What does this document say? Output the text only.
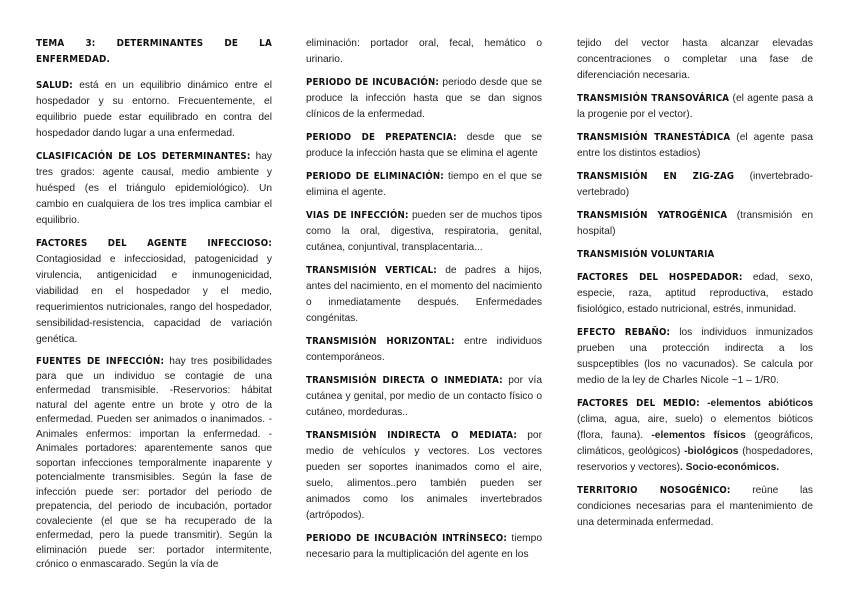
TEMA 3: DETERMINANTES DE LA ENFERMEDAD.

SALUD: está en un equilibrio dinámico entre el hospedador y su entorno. Frecuentemente, el equilibrio puede estar equilibrado en contra del hospedador dando lugar a una enfermedad.

CLASIFICACIÓN DE LOS DETERMINANTES: hay tres grados: agente causal, medio ambiente y huésped (es el triángulo epidemiológico). Un cambio en cualquiera de los tres implica cambiar el equilibrio.

FACTORES DEL AGENTE INFECCIOSO: Contagiosidad e infecciosidad, patogenicidad y virulencia, antigenicidad e inmunogenicidad, viabilidad en el hospedador y el medio, requerimientos nutricionales, rango del hospedador, sensibilidad-resistencia, capacidad de variación genética.

FUENTES DE INFECCIÓN: hay tres posibilidades para que un individuo se contagie de una enfermedad transmisible. -Reservorios: hábitat natural del agente entre un brote y otro de la enfermedad. Pueden ser animados o inanimados. -Animales enfermos: importan la enfermedad. -Animales portadores: aparentemente sanos que soportan infecciones temporalmente inaparente y potencialmente transmisibles. Según la fase de infección puede ser: portador del periodo de prepatencia, del periodo de incubación, portador covaleciente (el que se ha recuperado de la enfermedad, pero la puede transmitir). Según la eliminación puede ser: portador intermitente, crónico o enmascarado. Según la vía de

eliminación: portador oral, fecal, hemático o urinario.

PERIODO DE INCUBACIÓN: periodo desde que se produce la infección hasta que se dan signos clínicos de la enfermedad.

PERIODO DE PREPATENCIA: desde que se produce la infección hasta que se elimina el agente

PERIODO DE ELIMINACIÓN: tiempo en el que se elimina el agente.

VIAS DE INFECCIÓN: pueden ser de muchos tipos como la oral, digestiva, respiratoria, genital, cutánea, conjuntival, transplacentaria...

TRANSMISIÓN VERTICAL: de padres a hijos, antes del nacimiento, en el momento del nacimiento o inmediatamente después. Enfermedades congénitas.

TRANSMISIÓN HORIZONTAL: entre individuos contemporáneos.

TRANSMISIÓN DIRECTA O INMEDIATA: por vía cutánea y genital, por medio de un contacto físico o cutáneo, mordeduras..

TRANSMISIÓN INDIRECTA O MEDIATA: por medio de vehículos y vectores. Los vectores pueden ser soportes inanimados como el aire, suelo, alimentos..pero también pueden ser animados como los animales invertebrados (artrópodos).

PERIODO DE INCUBACIÓN INTRÍNSECO: tiempo necesario para la multiplicación del agente en los

tejido del vector hasta alcanzar elevadas concentraciones o completar una fase de diferenciación necesaria.

TRANSMISIÓN TRANSOVÁRICA (el agente pasa a la progenie por el vector).

TRANSMISIÓN TRANESTÁDICA (el agente pasa entre los distintos estadios)

TRANSMISIÓN EN ZIG-ZAG (invertebrado-vertebrado)

TRANSMISIÓN YATROGÉNICA (transmisión en hospital)

TRANSMISIÓN VOLUNTARIA

FACTORES DEL HOSPEDADOR: edad, sexo, especie, raza, aptitud reproductiva, estado fisiológico, estado nutricional, estrés, inmunidad.

EFECTO REBAÑO: los individuos inmunizados prueben una protección indirecta a los suspceptibles (los no vacunados). Se calcula por medio de la ley de Charles Nicole ~1 – 1/R0.

FACTORES DEL MEDIO: -elementos abióticos (clima, agua, aire, suelo) o elementos bióticos (flora, fauna). -elementos físicos (geográficos, climáticos, geológicos) -biológicos (hospedadores, reservorios y vectores). Socio-económicos.

TERRITORIO NOSOGÉNICO: reúne las condiciones necesarias para el mantenimiento de una determinada enfermedad.
